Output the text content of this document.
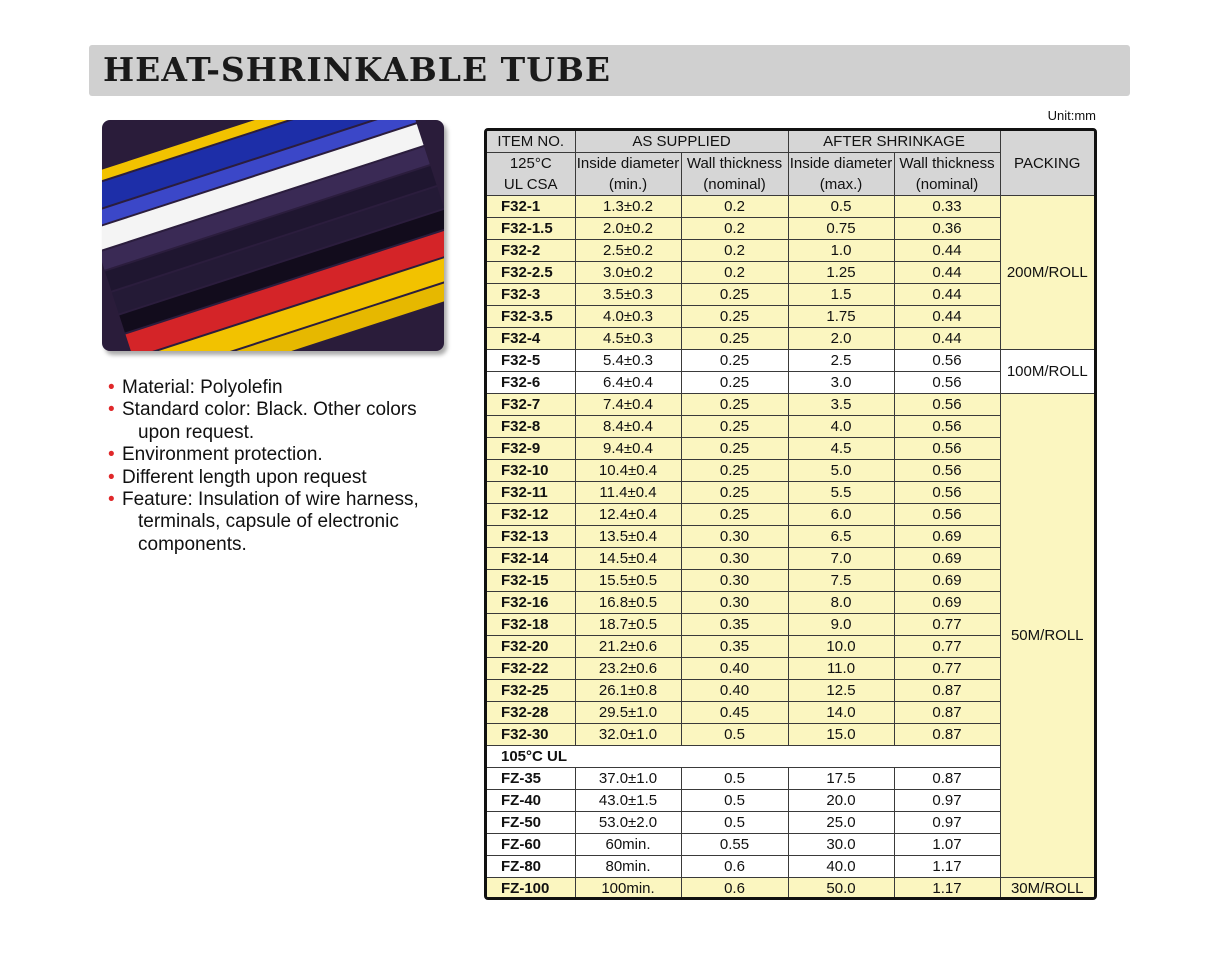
HEAT-SHRINKABLE TUBE
Unit:mm
• Material: Polyolefin
• Standard color: Black. Other colors
upon request.
• Environment protection.
• Different length upon request
• Feature: Insulation of wire harness,
terminals, capsule of electronic
components.
ITEM NO.	AS SUPPLIED		AFTER SHRINKAGE		PACKING
125°C	Inside diameter	Wall thickness	Inside diameter	Wall thickness	
UL CSA	(min.)	(nominal)	(max.)	(nominal)	
F32-1	1.3±0.2	0.2	0.5	0.33	200M/ROLL
F32-1.5	2.0±0.2	0.2	0.75	0.36	
F32-2	2.5±0.2	0.2	1.0	0.44	
F32-2.5	3.0±0.2	0.2	1.25	0.44	
F32-3	3.5±0.3	0.25	1.5	0.44	
F32-3.5	4.0±0.3	0.25	1.75	0.44	
F32-4	4.5±0.3	0.25	2.0	0.44	
F32-5	5.4±0.3	0.25	2.5	0.56	100M/ROLL
F32-6	6.4±0.4	0.25	3.0	0.56	
F32-7	7.4±0.4	0.25	3.5	0.56	50M/ROLL
F32-8	8.4±0.4	0.25	4.0	0.56	
F32-9	9.4±0.4	0.25	4.5	0.56	
F32-10	10.4±0.4	0.25	5.0	0.56	
F32-11	11.4±0.4	0.25	5.5	0.56	
F32-12	12.4±0.4	0.25	6.0	0.56	
F32-13	13.5±0.4	0.30	6.5	0.69	
F32-14	14.5±0.4	0.30	7.0	0.69	
F32-15	15.5±0.5	0.30	7.5	0.69	
F32-16	16.8±0.5	0.30	8.0	0.69	
F32-18	18.7±0.5	0.35	9.0	0.77	
F32-20	21.2±0.6	0.35	10.0	0.77	
F32-22	23.2±0.6	0.40	11.0	0.77	
F32-25	26.1±0.8	0.40	12.5	0.87	
F32-28	29.5±1.0	0.45	14.0	0.87	
F32-30	32.0±1.0	0.5	15.0	0.87	
105°C UL					
FZ-35	37.0±1.0	0.5	17.5	0.87	
FZ-40	43.0±1.5	0.5	20.0	0.97	
FZ-50	53.0±2.0	0.5	25.0	0.97	
FZ-60	60min.	0.55	30.0	1.07	
FZ-80	80min.	0.6	40.0	1.17	
FZ-100	100min.	0.6	50.0	1.17	30M/ROLL
